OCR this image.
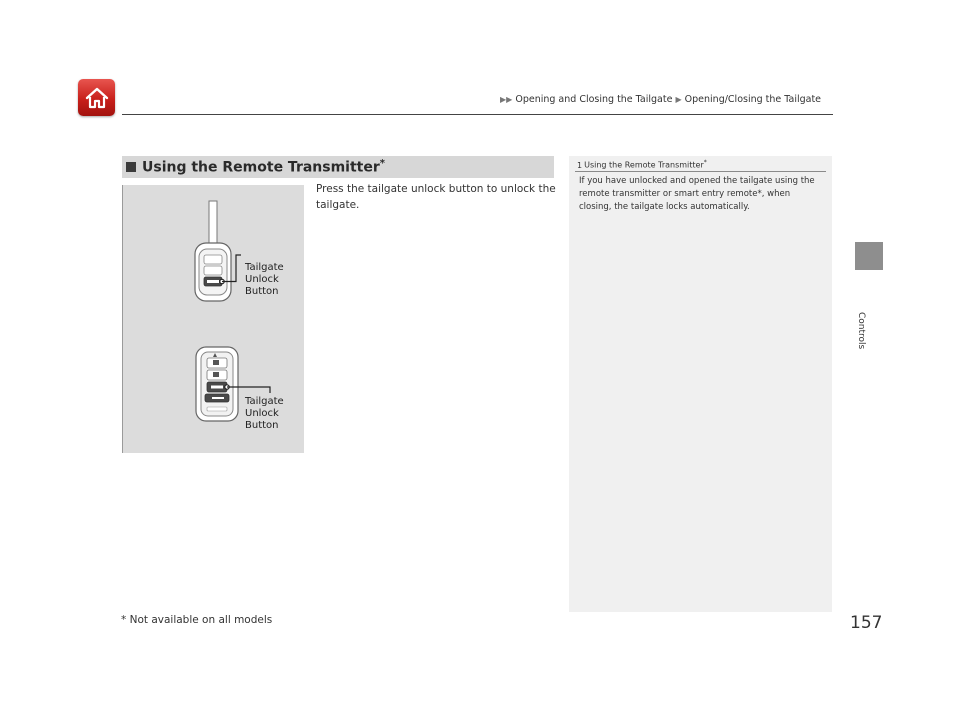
▶▶ Opening and Closing the Tailgate ▶ Opening/Closing the Tailgate
Controls
Using the Remote Transmitter*
Tailgate
Unlock
Button
Tailgate
Unlock
Button
Press the tailgate unlock button to unlock the tailgate.
1 Using the Remote Transmitter*
If you have unlocked and opened the tailgate using the remote transmitter or smart entry remote*, when closing, the tailgate locks automatically.
* Not available on all models	157
